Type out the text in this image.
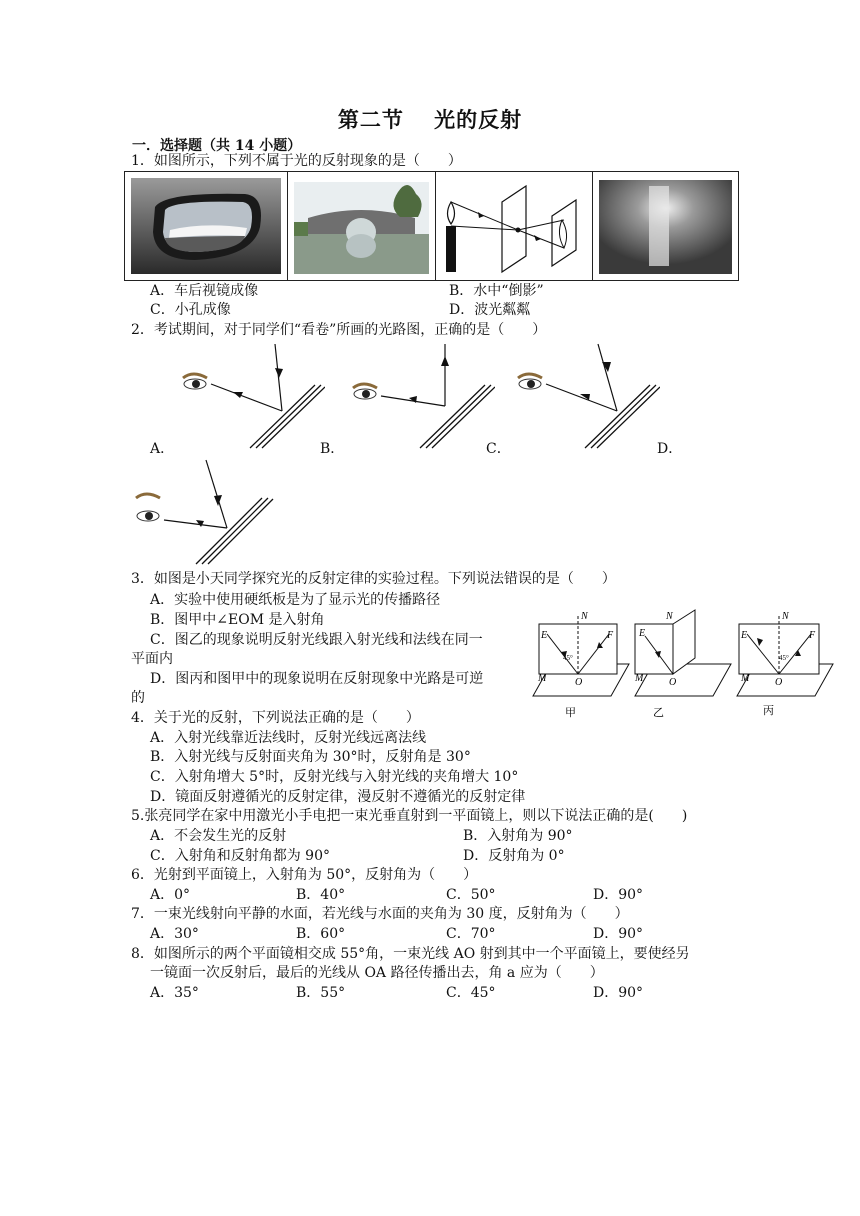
第二节　 光的反射
一．选择题（共 14 小题）
1．如图所示，下列不属于光的反射现象的是（　　）
A．车后视镜成像	B．水中“倒影”
C．小孔成像	D．波光粼粼
2．考试期间，对于同学们“看卷”所画的光路图，正确的是（　　）
A．	B．	C．	D．
3．如图是小天同学探究光的反射定律的实验过程。下列说法错误的是（　　）
A．实验中使用硬纸板是为了显示光的传播路径
B．图甲中∠EOM 是入射角
C．图乙的现象说明反射光线跟入射光线和法线在同一
平面内
D．图丙和图甲中的现象说明在反射现象中光路是可逆
的
N
E	F
45°
O
M
甲
N
E
O
M
乙
N
E	F
45°
O
M
丙
4．关于光的反射，下列说法正确的是（　　）
A．入射光线靠近法线时，反射光线远离法线
B．入射光线与反射面夹角为 30°时，反射角是 30°
C．入射角增大 5°时，反射光线与入射光线的夹角增大 10°
D．镜面反射遵循光的反射定律，漫反射不遵循光的反射定律
5.张亮同学在家中用激光小手电把一束光垂直射到一平面镜上，则以下说法正确的是(　　)
A．不会发生光的反射	B．入射角为 90°
C．入射角和反射角都为 90°	D．反射角为 0°
6．光射到平面镜上，入射角为 50°，反射角为（　　）
A．0°	B．40°	C．50°	D．90°
7．一束光线射向平静的水面，若光线与水面的夹角为 30 度，反射角为（　　）
A．30°	B．60°	C．70°	D．90°
8．如图所示的两个平面镜相交成 55°角，一束光线 AO 射到其中一个平面镜上，要使经另
一镜面一次反射后，最后的光线从 OA 路径传播出去，角 a 应为（　　）
A．35°	B．55°	C．45°	D．90°
